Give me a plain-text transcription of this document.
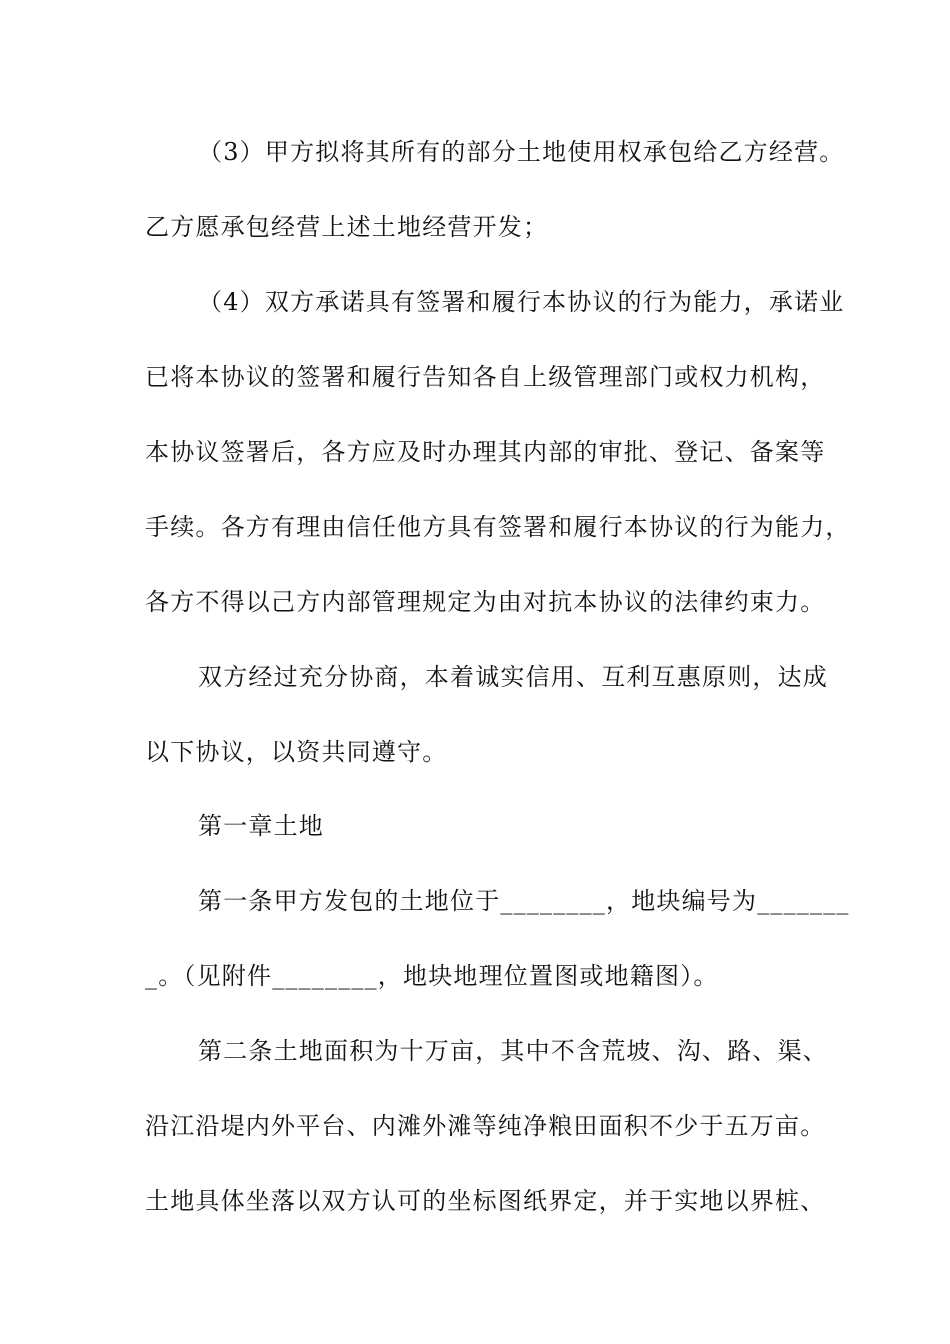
（3）甲方拟将其所有的部分土地使用权承包给乙方经营。
乙方愿承包经营上述土地经营开发；
（4）双方承诺具有签署和履行本协议的行为能力，承诺业
已将本协议的签署和履行告知各自上级管理部门或权力机构，
本协议签署后，各方应及时办理其内部的审批、登记、备案等
手续。各方有理由信任他方具有签署和履行本协议的行为能力，
各方不得以己方内部管理规定为由对抗本协议的法律约束力。
双方经过充分协商，本着诚实信用、互利互惠原则，达成
以下协议，以资共同遵守。
第一章土地
第一条甲方发包的土地位于________，地块编号为_______
_。（见附件________，地块地理位置图或地籍图）。
第二条土地面积为十万亩，其中不含荒坡、沟、路、渠、
沿江沿堤内外平台、内滩外滩等纯净粮田面积不少于五万亩。
土地具体坐落以双方认可的坐标图纸界定，并于实地以界桩、
